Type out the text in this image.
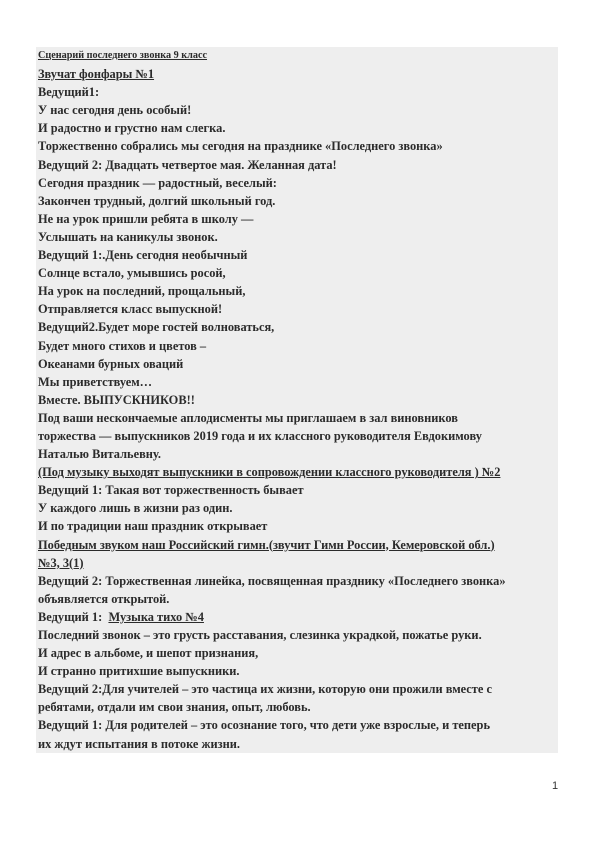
Сценарий последнего звонка 9 класс
Звучат фонфары №1
Ведущий1:
У нас сегодня день особый!
И радостно и грустно нам слегка.
Торжественно собрались мы сегодня на празднике «Последнего звонка»
Ведущий 2: Двадцать четвертое мая. Желанная дата!
Сегодня праздник — радостный, веселый:
Закончен трудный, долгий школьный год.
Не на урок пришли ребята в школу —
Услышать на каникулы звонок.
Ведущий 1:.День сегодня необычный
Солнце встало, умывшись росой,
На урок на последний, прощальный,
Отправляется класс выпускной!
Ведущий2.Будет море гостей волноваться,
Будет много стихов и цветов –
Океанами бурных оваций
Мы приветствуем…
Вместе. ВЫПУСКНИКОВ!!
Под ваши нескончаемые аплодисменты мы приглашаем в зал виновников
торжества — выпускников 2019 года и их классного руководителя Евдокимову
Наталью Витальевну.
(Под музыку выходят выпускники в сопровождении классного руководителя ) №2
Ведущий 1: Такая вот торжественность бывает
У каждого лишь в жизни раз один.
И по традиции наш праздник открывает
Победным звуком наш Российский гимн.(звучит Гимн России, Кемеровской обл.)
№3, 3(1)
Ведущий 2: Торжественная линейка, посвященная празднику «Последнего звонка»
объявляется открытой.
Ведущий 1: Музыка тихо №4
Последний звонок – это грусть расставания, слезинка украдкой, пожатье руки.
И адрес в альбоме, и шепот признания,
И странно притихшие выпускники.
Ведущий 2:Для учителей – это частица их жизни, которую они прожили вместе с
ребятами, отдали им свои знания, опыт, любовь.
Ведущий 1: Для родителей – это осознание того, что дети уже взрослые, и теперь
их ждут испытания в потоке жизни.
1
